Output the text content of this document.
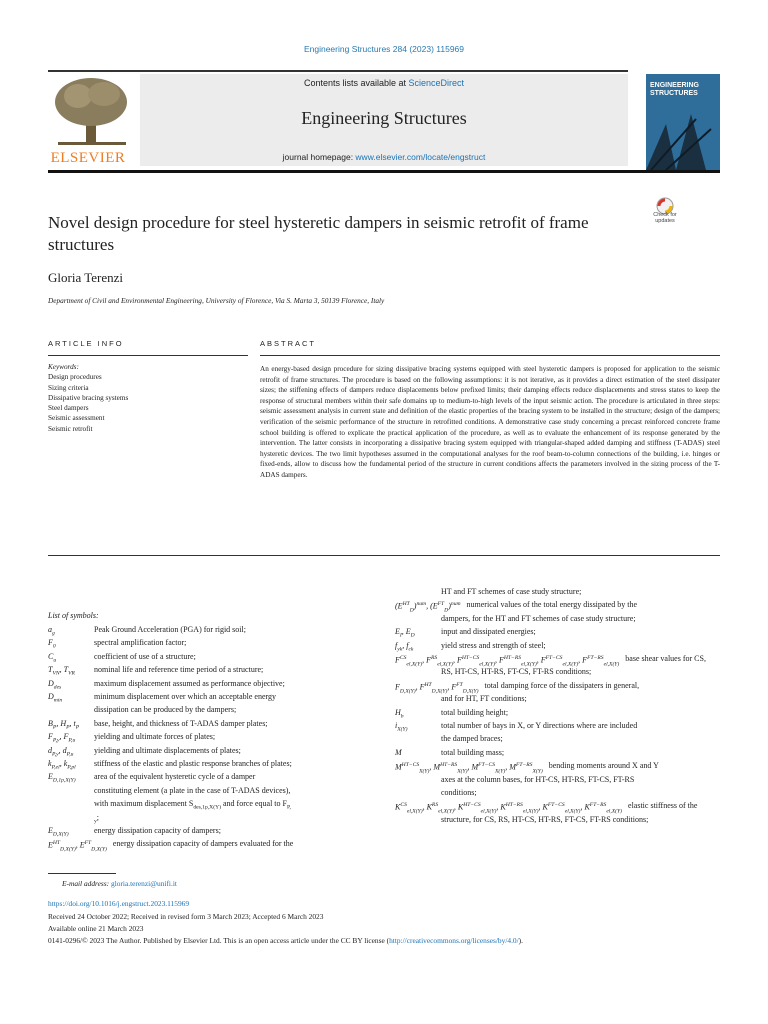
Engineering Structures 284 (2023) 115969
ELSEVIER
Contents lists available at ScienceDirect
Engineering Structures
journal homepage: www.elsevier.com/locate/engstruct
ENGINEERING
STRUCTURES
Novel design procedure for steel hysteretic dampers in seismic retrofit of frame structures
Check for updates
Gloria Terenzi
Department of Civil and Environmental Engineering, University of Florence, Via S. Marta 3, 50139 Florence, Italy
ARTICLE INFO	ABSTRACT
Keywords:
Design procedures
Sizing criteria
Dissipative bracing systems
Steel dampers
Seismic assessment
Seismic retrofit
An energy-based design procedure for sizing dissipative bracing systems equipped with steel hysteretic dampers is proposed for application to the seismic retrofit of frame structures. The procedure is based on the following assumptions: it is not iterative, as it provides a direct estimation of the steel dissipater sizes; the stiffening effects of dampers reduce displacements below prefixed limits; their damping effects reduce displacements and stress states to keep the response of structural members within their safe domains up to medium-to-high levels of the input seismic action. The procedure is articulated in three steps: seismic assessment analysis in current state and definition of the elastic properties of the bracing system to be installed in the structure; design of the dampers; verification of the seismic performance of the structure in retrofitted conditions. A demonstrative case study concerning a precast reinforced concrete frame school building is offered to explicate the practical application of the procedure, as well as to evaluate the enhancement of its response generated by the intervention. The latter consists in incorporating a dissipative bracing system equipped with triangular-shaped added damping and stiffness (T-ADAS) steel hysteretic devices. The two limit hypotheses assumed in the computational analyses for the roof beam-to-column connections of the building, i.e. hinges or fixed-ends, allow to discuss how the fundamental period of the structure in current conditions affects the parameters involved in the sizing process of the T-ADAS dampers.
List of symbols:
$a_g$	Peak Ground Acceleration (PGA) for rigid soil;
$F_0$	spectral amplification factor;
$C_u$	coefficient of use of a structure;
$T_{VN}$, $T_{VR}$ nominal life and reference time period of a structure;
$D_{des}$	maximum displacement assumed as performance objective;
$D_{min}$	minimum displacement over which an acceptable energy
dissipation can be produced by the dampers;
$B_P$, $H_P$, $t_P$ base, height, and thickness of T-ADAS damper plates;
$F_{P,y}$, $F_{P,u}$ yielding and ultimate forces of plates;
$d_{P,y}$, $d_{P,u}$	yielding and ultimate displacements of plates;
$k_{P,el}$, $k_{P,pl}$ stiffness of the elastic and plastic response branches of plates;
$E_{D,1p,X(Y)}$ area of the equivalent hysteretic cycle of a damper
constituting element (a plate in the case of T-ADAS devices),
with maximum displacement $S_{des,1p,X(Y)}$ and force equal to $F_{P,}$
$_y$;
$E_{D,X(Y)}$	energy dissipation capacity of dampers;
$E^{HT}_{D,X(Y)}$, $E^{FT}_{D,X(Y)}$
energy dissipation capacity of dampers evaluated for the
HT and FT schemes of case study structure;
$(E^{HT}_D)^{num}$, $(E^{FT}_D)^{num}$ numerical values of the total energy dissipated by the
dampers, for the HT and FT schemes of case study structure;
$E_I$, $E_D$	input and dissipated energies;
$f_{yk}$, $f_{ck}$	yield stress and strength of steel;
$F^{CS}_{el,X(Y)}$, $F^{RS}_{el,X(Y)}$, $F^{HT-CS}_{el,X(Y)}$, $F^{HT-RS}_{el,X(Y)}$, $F^{FT-CS}_{el,X(Y)}$, $F^{FT-RS}_{el,X(Y)}$
base shear values for CS,
RS, HT-CS, HT-RS, FT-CS, FT-RS conditions;
$F_{D,X(Y)}$, $F^{HT}_{D,X(Y)}$, $F^{FT}_{D,X(Y)}$
total damping force of the dissipaters in general,
and for HT, FT conditions;
$H_b$	total building height;
$i_{X(Y)}$	total number of bays in X, or Y directions where are included
the damped braces;
M	total building mass;
$M^{HT-CS}_{X(Y)}$, $M^{HT-RS}_{X(Y)}$, $M^{FT-CS}_{X(Y)}$, $M^{FT-RS}_{X(Y)}$
bending moments around X and Y
axes at the column bases, for HT-CS, HT-RS, FT-CS, FT-RS
conditions;
$K^{CS}_{el,X(Y)}$, $K^{RS}_{el,X(Y)}$, $K^{HT-CS}_{el,X(Y)}$, $K^{HT-RS}_{el,X(Y)}$, $K^{FT-CS}_{el,X(Y)}$, $K^{FT-RS}_{el,X(Y)}$
elastic stiffness of the
structure, for CS, RS, HT-CS, HT-RS, FT-CS, FT-RS conditions;
E-mail address: gloria.terenzi@unifi.it
https://doi.org/10.1016/j.engstruct.2023.115969
Received 24 October 2022; Received in revised form 3 March 2023; Accepted 6 March 2023
Available online 21 March 2023
0141-0296/© 2023 The Author. Published by Elsevier Ltd. This is an open access article under the CC BY license (http://creativecommons.org/licenses/by/4.0/).
